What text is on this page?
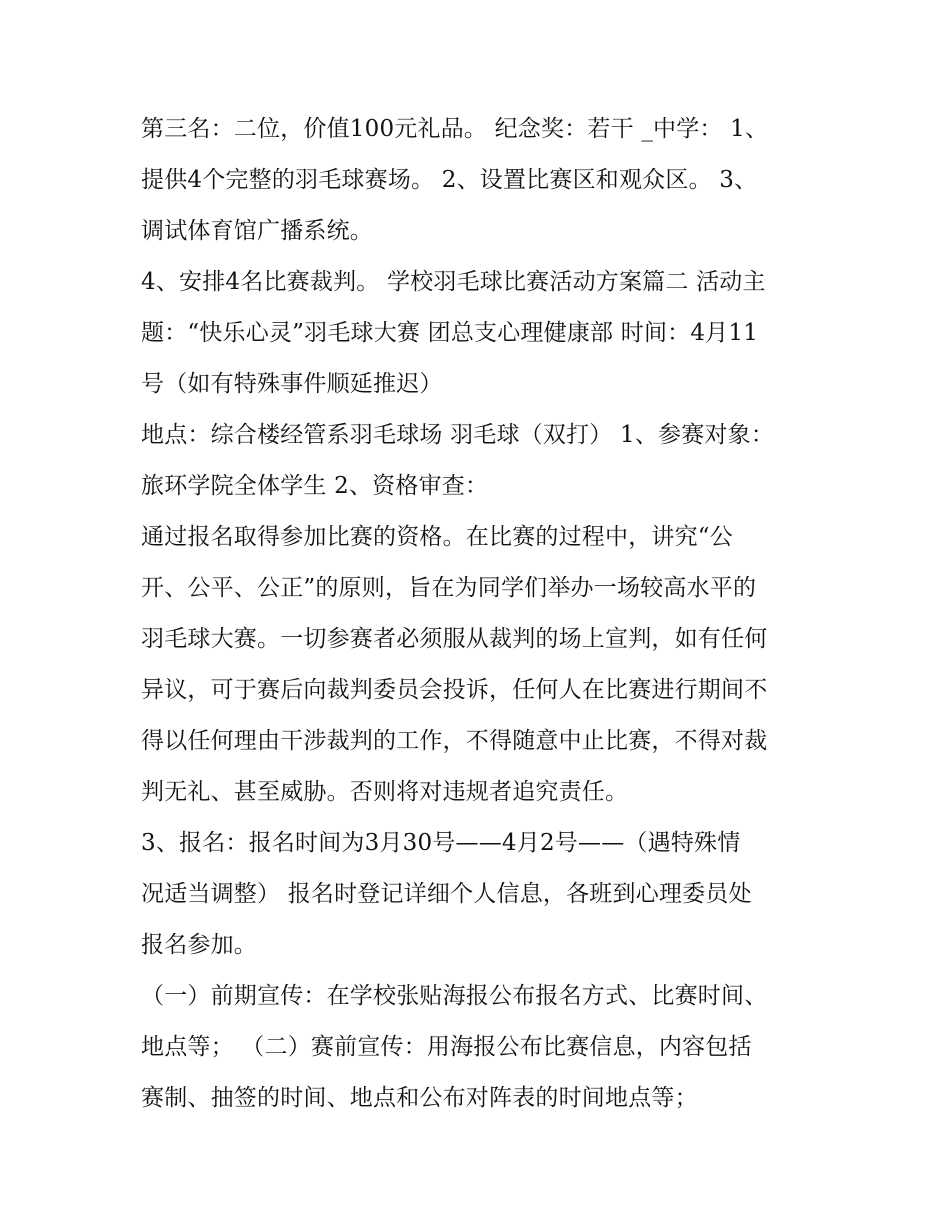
第三名：二位，价值100元礼品。 纪念奖：若干 _中学： 1、
提供4个完整的羽毛球赛场。 2、设置比赛区和观众区。 3、
调试体育馆广播系统。
4、安排4名比赛裁判。 学校羽毛球比赛活动方案篇二 活动主
题：“快乐心灵”羽毛球大赛 团总支心理健康部 时间：4月11
号（如有特殊事件顺延推迟）
地点：综合楼经管系羽毛球场 羽毛球（双打） 1、参赛对象：
旅环学院全体学生 2、资格审查：
通过报名取得参加比赛的资格。在比赛的过程中，讲究“公
开、公平、公正”的原则，旨在为同学们举办一场较高水平的
羽毛球大赛。一切参赛者必须服从裁判的场上宣判，如有任何
异议，可于赛后向裁判委员会投诉，任何人在比赛进行期间不
得以任何理由干涉裁判的工作，不得随意中止比赛，不得对裁
判无礼、甚至威胁。否则将对违规者追究责任。
3、报名：报名时间为3月30号——4月2号——（遇特殊情
况适当调整） 报名时登记详细个人信息，各班到心理委员处
报名参加。
（一）前期宣传：在学校张贴海报公布报名方式、比赛时间、
地点等； （二）赛前宣传：用海报公布比赛信息，内容包括
赛制、抽签的时间、地点和公布对阵表的时间地点等；
